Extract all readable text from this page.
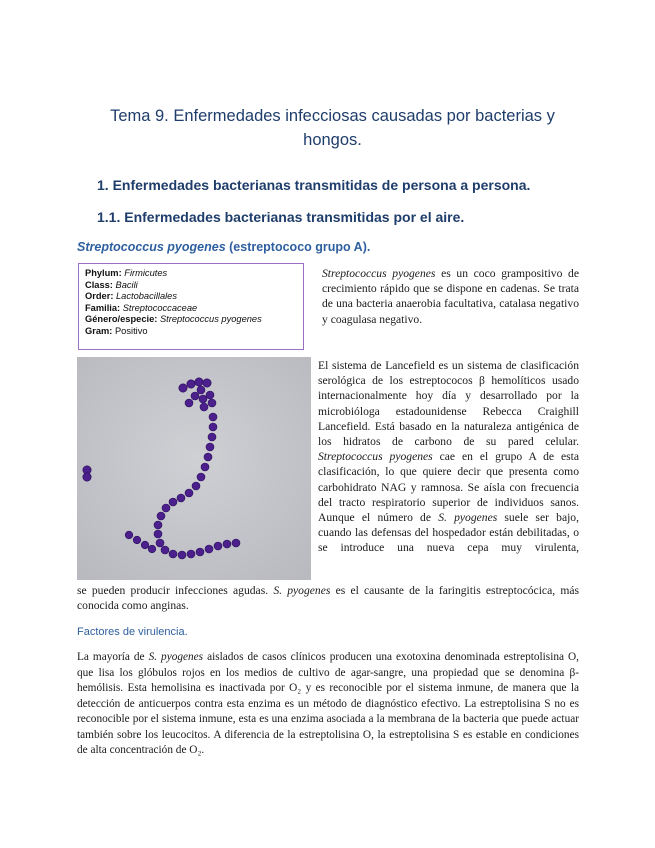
Tema 9. Enfermedades infecciosas causadas por bacterias y hongos.
1. Enfermedades bacterianas transmitidas de persona a persona.
1.1. Enfermedades bacterianas transmitidas por el aire.
Streptococcus pyogenes (estreptococo grupo A).
Phylum: Firmicutes
Class: Bacili
Order: Lactobacillales
Familia: Streptococcaceae
Género/especie: Streptococcus pyogenes
Gram: Positivo
Streptococcus pyogenes es un coco grampositivo de crecimiento rápido que se dispone en cadenas. Se trata de una bacteria anaerobia facultativa, catalasa negativo y coagulasa negativo.
El sistema de Lancefield es un sistema de clasificación serológica de los estreptococos β hemolíticos usado internacionalmente hoy día y desarrollado por la microbióloga estadounidense Rebecca Craighill Lancefield. Está basado en la naturaleza antigénica de los hidratos de carbono de su pared celular. Streptococcus pyogenes cae en el grupo A de esta clasificación, lo que quiere decir que presenta como carbohidrato NAG y ramnosa. Se aísla con frecuencia del tracto respiratorio superior de individuos sanos. Aunque el número de S. pyogenes suele ser bajo, cuando las defensas del hospedador están debilitadas, o se introduce una nueva cepa muy virulenta,
se pueden producir infecciones agudas. S. pyogenes es el causante de la faringitis estreptocócica, más conocida como anginas.
Factores de virulencia.
La mayoría de S. pyogenes aislados de casos clínicos producen una exotoxina denominada estreptolisina O, que lisa los glóbulos rojos en los medios de cultivo de agar-sangre, una propiedad que se denomina β-hemólisis. Esta hemolisina es inactivada por O₂ y es reconocible por el sistema inmune, de manera que la detección de anticuerpos contra esta enzima es un método de diagnóstico efectivo. La estreptolisina S no es reconocible por el sistema inmune, esta es una enzima asociada a la membrana de la bacteria que puede actuar también sobre los leucocitos. A diferencia de la estreptolisina O, la estreptolisina S es estable en condiciones de alta concentración de O₂.
